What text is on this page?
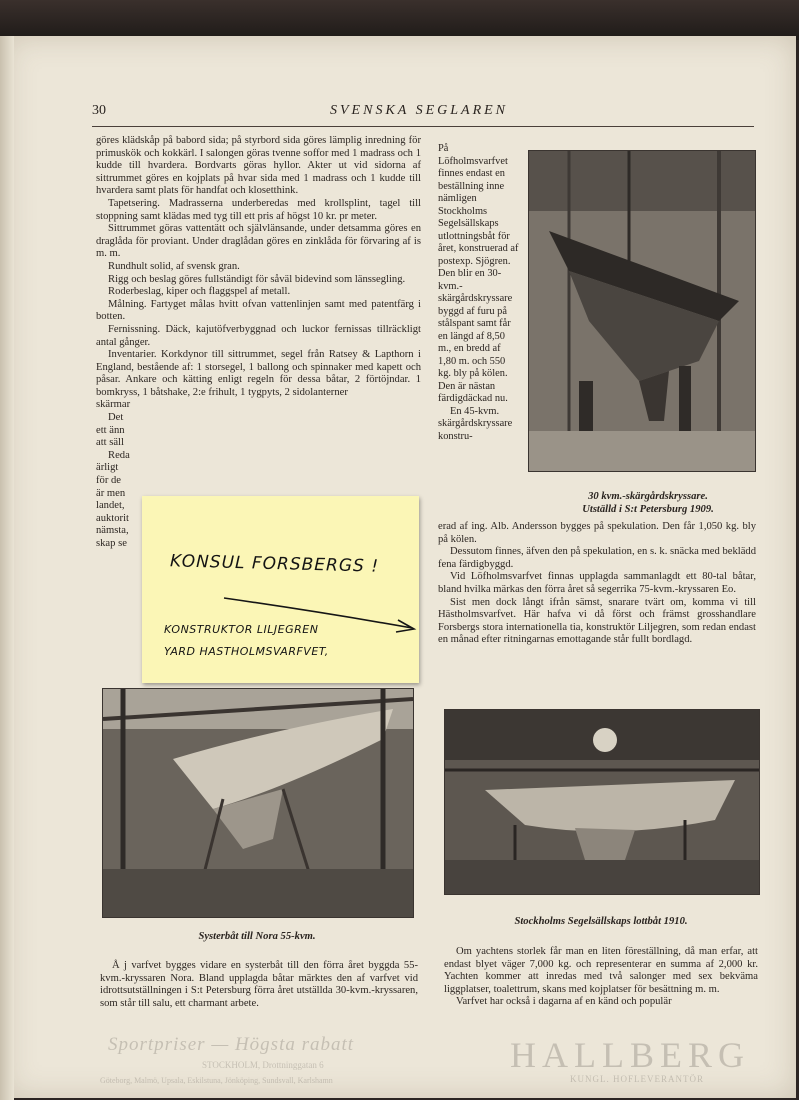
30	SVENSKA SEGLAREN

göres klädskåp på babord sida; på styrbord sida göres lämplig inredning för primuskök och kokkärl. I salongen göras tvenne soffor med 1 madrass och 1 kudde till hvardera. Bordvarts göras hyllor. Akter ut vid sidorna af sittrummet göres en kojplats på hvar sida med 1 madrass och 1 kudde till hvardera samt plats för handfat och klosetthink.

Tapetsering. Madrasserna underberedas med krollsplint, tagel till stoppning samt klädas med tyg till ett pris af högst 10 kr. pr meter.

Sittrummet göras vattentätt och självlänsande, under detsamma göres en draglåda för proviant. Under draglådan göres en zinklåda för förvaring af is m. m.

Rundhult solid, af svensk gran.

Rigg och beslag göres fullständigt för såväl bidevind som länssegling.

Roderbeslag, kiper och flaggspel af metall.

Målning. Fartyget målas hvitt ofvan vattenlinjen samt med patentfärg i botten.

Fernissning. Däck, kajutöfverbyggnad och luckor fernissas tillräckligt antal gånger.

Inventarier. Korkdynor till sittrummet, segel från Ratsey & Lapthorn i England, bestående af: 1 storsegel, 1 ballong och spinnaker med kapett och påsar. Ankare och kätting enligt regeln för dessa båtar, 2 förtöjndar. 1 bomkryss, 1 båtshake, 2:e frihult, 1 tygpyts, 2 sidolanterner

skärmar

Det

ett änn

att säll

Reda

ärligt

för de

är men

landet,

auktorit

nämsta,

skap se

På Löfholmsvarfvet finnes endast en beställning inne nämligen Stockholms Segelsällskaps utlottningsbåt för året, konstruerad af postexp. Sjögren. Den blir en 30-kvm.-skärgårdskryssare byggd af furu på stålspant samt får en längd af 8,50 m., en bredd af 1,80 m. och 550 kg. bly på kölen. Den är nästan färdigdäckad nu.

En 45-kvm. skärgårdskryssare konstru-

30 kvm.-skärgårdskryssare.
Utställd i S:t Petersburg 1909.

erad af ing. Alb. Andersson bygges på spekulation. Den får 1,050 kg. bly på kölen.

Dessutom finnes, äfven den på spekulation, en s. k. snäcka med beklädd fena färdigbyggd.

Vid Löfholmsvarfvet finnas upplagda sammanlagdt ett 80-tal båtar, bland hvilka märkas den förra året så segerrika 75-kvm.-kryssaren Eo.

Sist men dock långt ifrån sämst, snarare tvärt om, komma vi till Hästholmsvarfvet. Här hafva vi då först och främst grosshandlare Forsbergs stora internationella tia, konstruktör Liljegren, som redan endast en månad efter ritningarnas emottagande står fullt bordlagd.

KONSUL FORSBERGS !
KONSTRUKTOR LILJEGREN
YARD HASTHOLMSVARFVET,
Systerbåt till Nora 55-kvm.
Stockholms Segelsällskaps lottbåt 1910.

Å j varfvet bygges vidare en systerbåt till den förra året byggda 55-kvm.-kryssaren Nora. Bland upplagda båtar märktes den af varfvet vid idrottsutställningen i S:t Petersburg förra året utställda 30-kvm.-kryssaren, som står till salu, ett charmant arbete.

Om yachtens storlek får man en liten föreställning, då man erfar, att endast blyet väger 7,000 kg. och representerar en summa af 2,000 kr. Yachten kommer att inredas med två salonger med sex bekväma liggplatser, toalettrum, skans med kojplatser för besättning m. m.

Varfvet har också i dagarna af en känd och populär

Sportpriser — Högsta rabatt
STOCKHOLM, Drottninggatan 6
Göteborg, Malmö, Upsala, Eskilstuna, Jönköping, Sundsvall, Karlshamn
HALLBERG
KUNGL. HOFLEVERANTÖR
